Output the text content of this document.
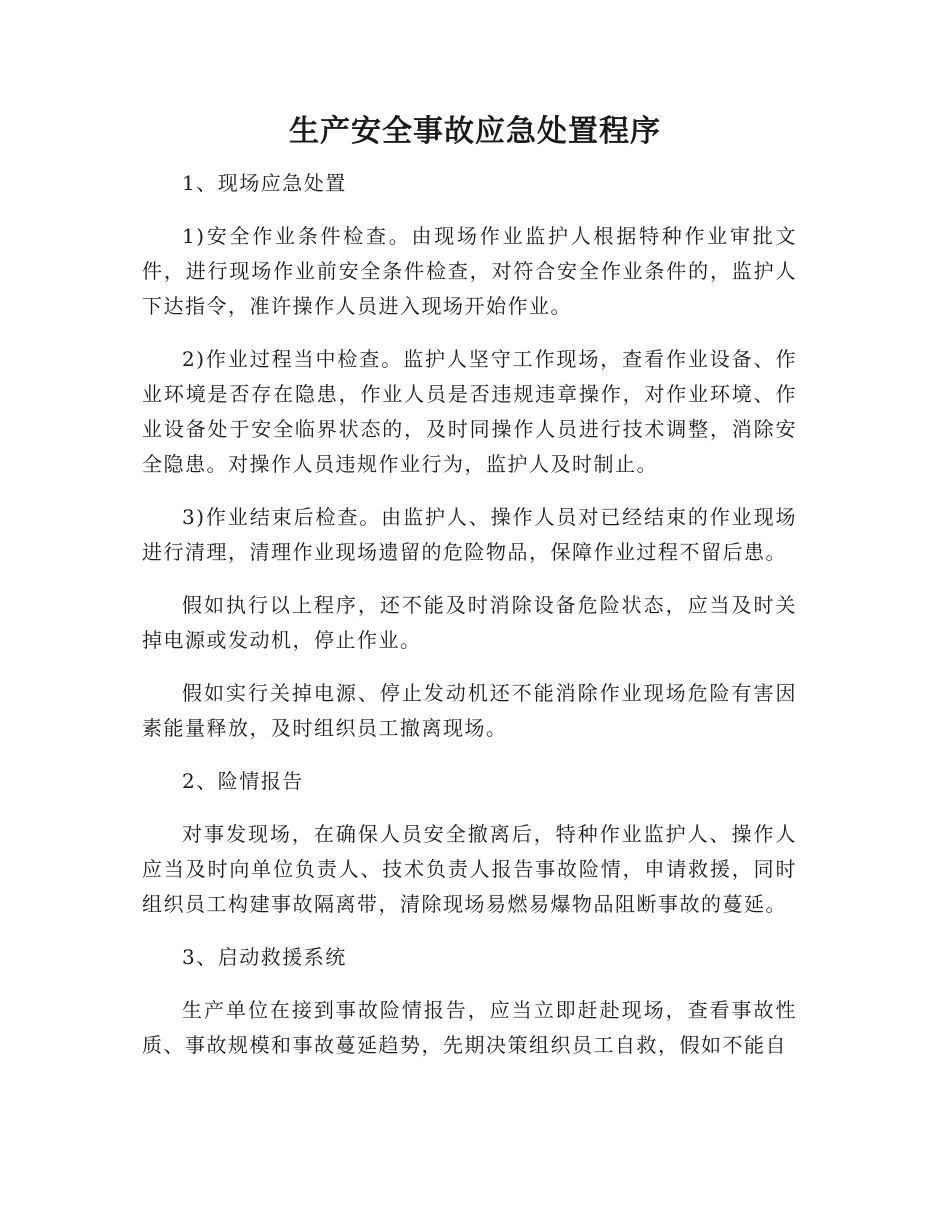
生产安全事故应急处置程序

1、现场应急处置

1)安全作业条件检查。由现场作业监护人根据特种作业审批文件，进行现场作业前安全条件检查，对符合安全作业条件的，监护人下达指令，准许操作人员进入现场开始作业。

2)作业过程当中检查。监护人坚守工作现场，查看作业设备、作业环境是否存在隐患，作业人员是否违规违章操作，对作业环境、作业设备处于安全临界状态的，及时同操作人员进行技术调整，消除安全隐患。对操作人员违规作业行为，监护人及时制止。

3)作业结束后检查。由监护人、操作人员对已经结束的作业现场进行清理，清理作业现场遗留的危险物品，保障作业过程不留后患。

假如执行以上程序，还不能及时消除设备危险状态，应当及时关掉电源或发动机，停止作业。

假如实行关掉电源、停止发动机还不能消除作业现场危险有害因素能量释放，及时组织员工撤离现场。

2、险情报告

对事发现场，在确保人员安全撤离后，特种作业监护人、操作人应当及时向单位负责人、技术负责人报告事故险情，申请救援，同时组织员工构建事故隔离带，清除现场易燃易爆物品阻断事故的蔓延。

3、启动救援系统

生产单位在接到事故险情报告，应当立即赶赴现场，查看事故性质、事故规模和事故蔓延趋势，先期决策组织员工自救，假如不能自
